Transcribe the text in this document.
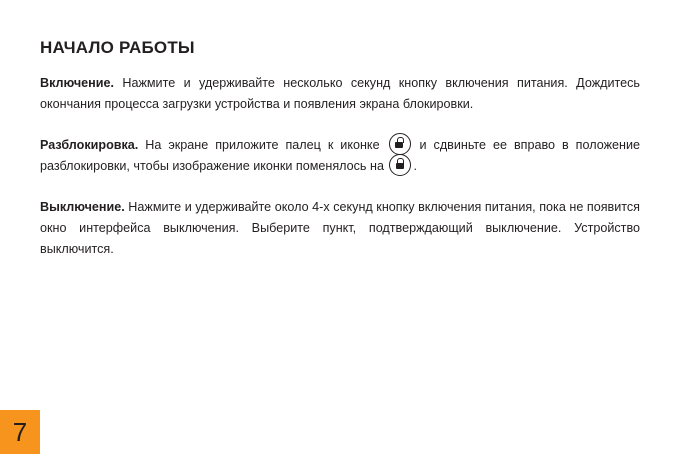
НАЧАЛО РАБОТЫ

Включение. Нажмите и удерживайте несколько секунд кнопку включения питания. Дождитесь окончания процесса загрузки устройства и появления экрана блокировки.

Разблокировка. На экране приложите палец к иконке
и сдвиньте ее вправо в положение разблокировки, чтобы изображение иконки поменялось на
.

Выключение. Нажмите и удерживайте около 4-х секунд кнопку включения питания, пока не появится окно интерфейса выключения. Выберите пункт, подтверждающий выключение. Устройство выключится.

7
